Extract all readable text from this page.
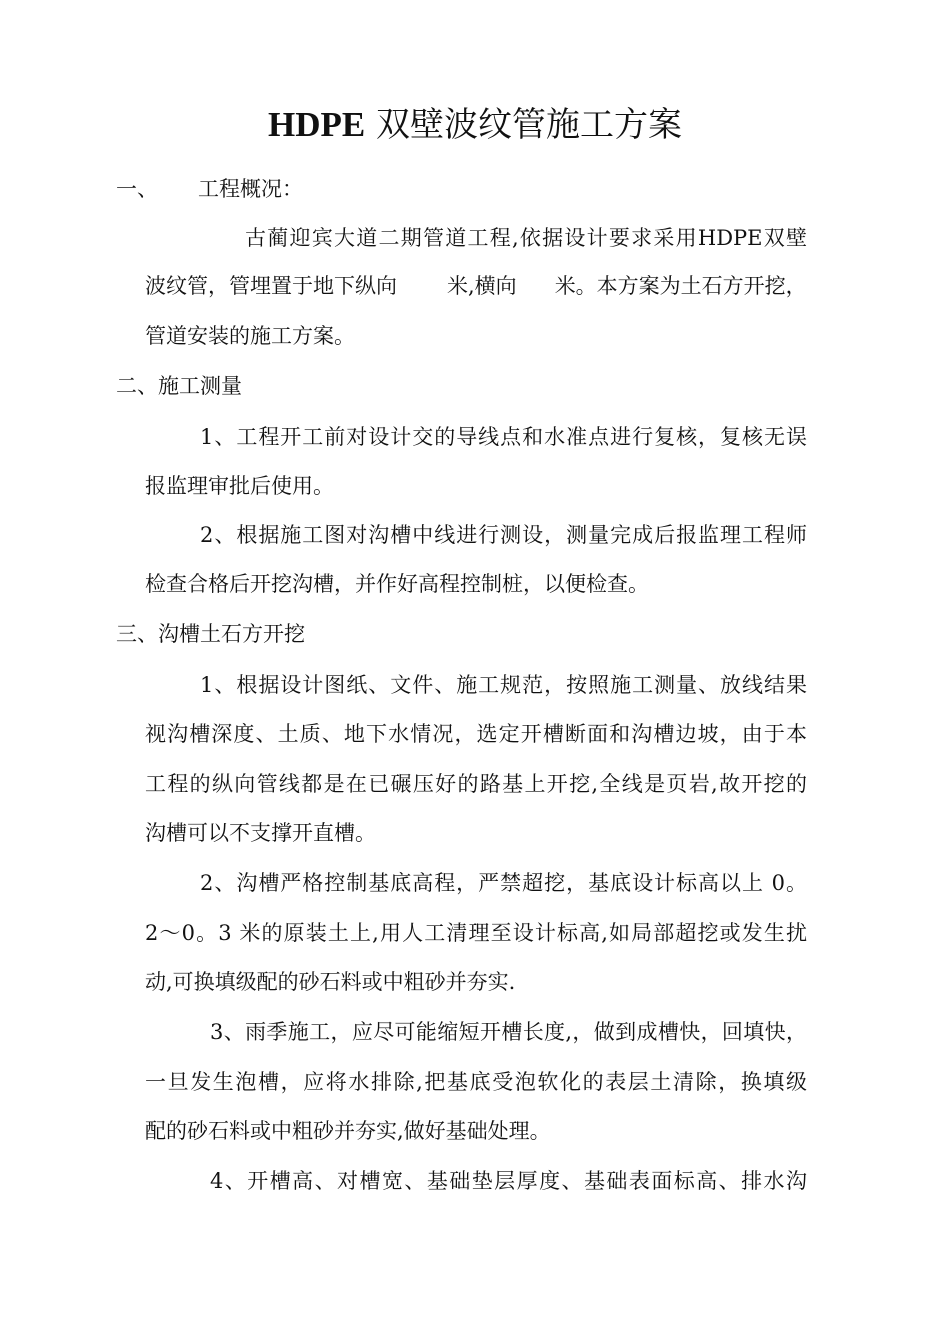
HDPE 双壁波纹管施工方案
一、 工程概况：
古蔺迎宾大道二期管道工程,依据设计要求采用HDPE双壁
波纹管，管埋置于地下纵向 米,横向 米。本方案为土石方开挖，
管道安装的施工方案。
二、施工测量
1、工程开工前对设计交的导线点和水准点进行复核，复核无误
报监理审批后使用。
2、根据施工图对沟槽中线进行测设，测量完成后报监理工程师
检查合格后开挖沟槽，并作好高程控制桩，以便检查。
三、沟槽土石方开挖
1、根据设计图纸、文件、施工规范，按照施工测量、放线结果
视沟槽深度、土质、地下水情况，选定开槽断面和沟槽边坡，由于本
工程的纵向管线都是在已碾压好的路基上开挖,全线是页岩,故开挖的
沟槽可以不支撑开直槽。
2、沟槽严格控制基底高程，严禁超挖，基底设计标高以上 0。
2～0。3 米的原装土上,用人工清理至设计标高,如局部超挖或发生扰
动,可换填级配的砂石料或中粗砂并夯实.
3、雨季施工，应尽可能缩短开槽长度,，做到成槽快，回填快，
一旦发生泡槽，应将水排除,把基底受泡软化的表层土清除，换填级
配的砂石料或中粗砂并夯实,做好基础处理。
4、开槽高、对槽宽、基础垫层厚度、基础表面标高、排水沟
